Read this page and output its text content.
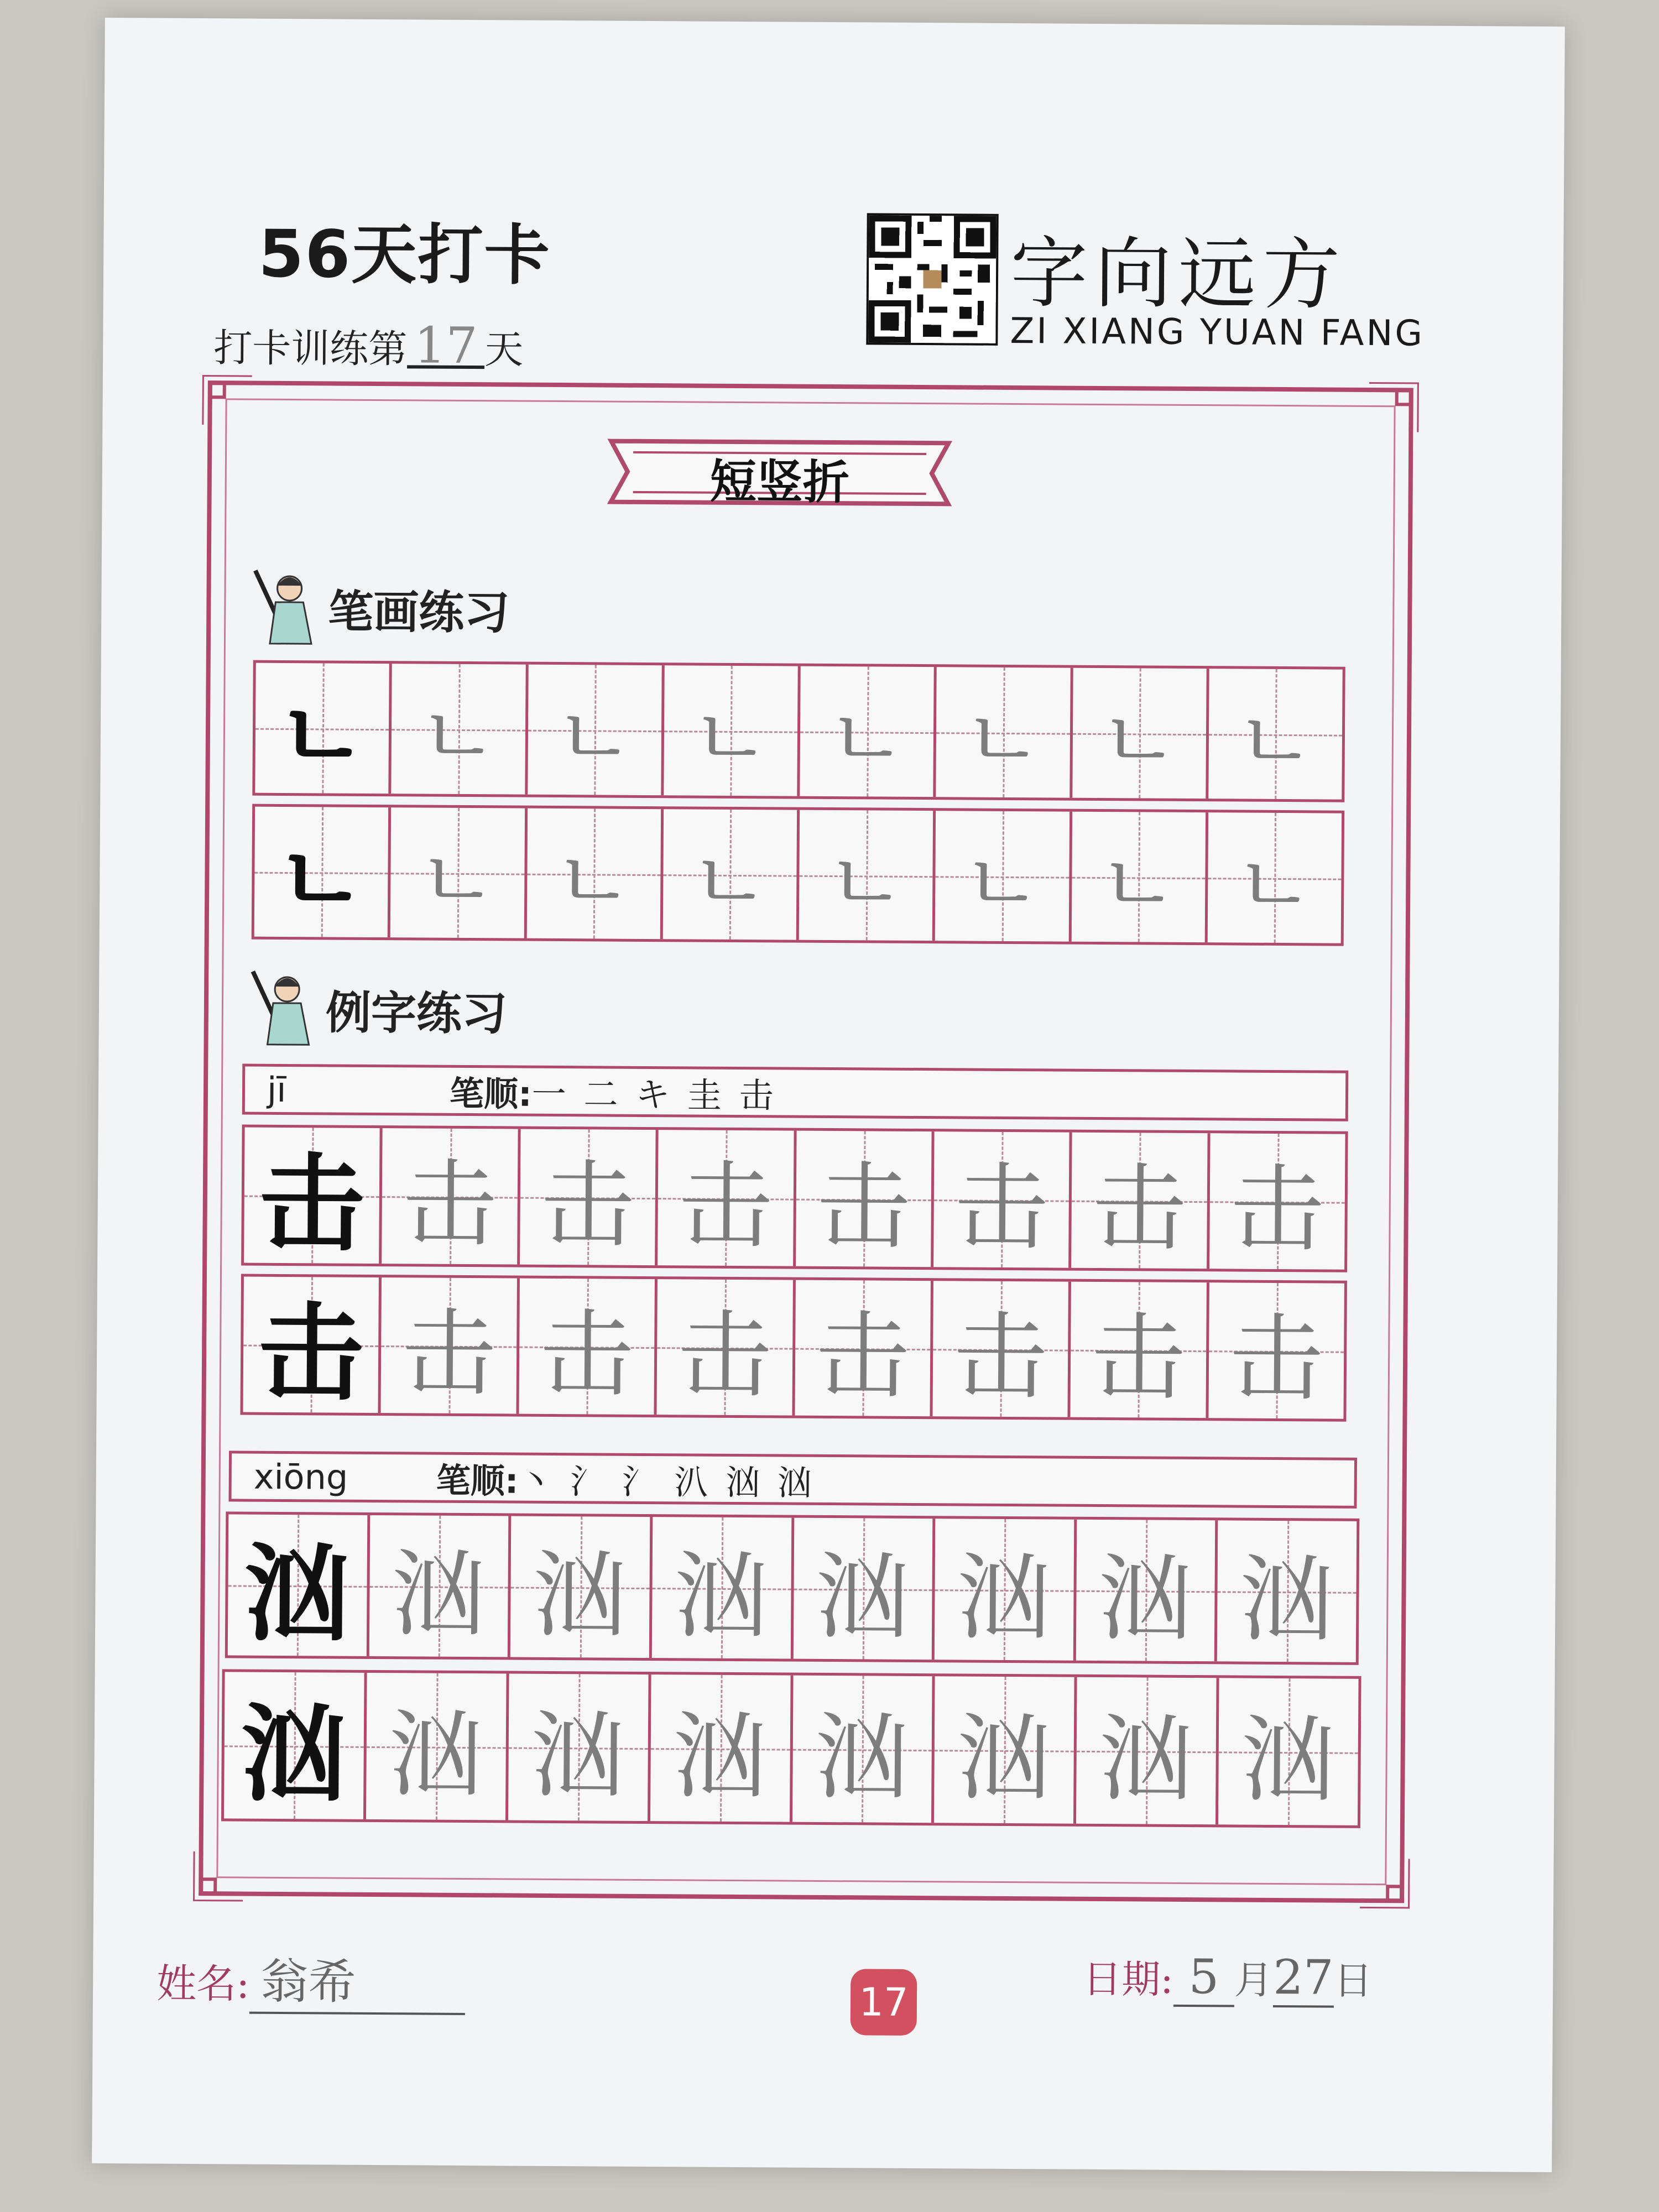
56天打卡
打卡训练第 17 天
字向远方
ZI XIANG YUAN FANG
短竖折
笔画练习
ㄴ ㄴ ㄴ ㄴ ㄴ ㄴ ㄴ ㄴ
ㄴ ㄴ ㄴ ㄴ ㄴ ㄴ ㄴ ㄴ
例字练习
jī	笔顺: 一 二 キ 圭 击
击 击 击 击 击 击 击 击
击 击 击 击 击 击 击 击
xiōng	笔顺: 丶 氵 氵 汃 汹 汹
汹 汹 汹 汹 汹 汹 汹 汹
汹 汹 汹 汹 汹 汹 汹 汹
姓名: 翁希	17	日期: 5 月27日
